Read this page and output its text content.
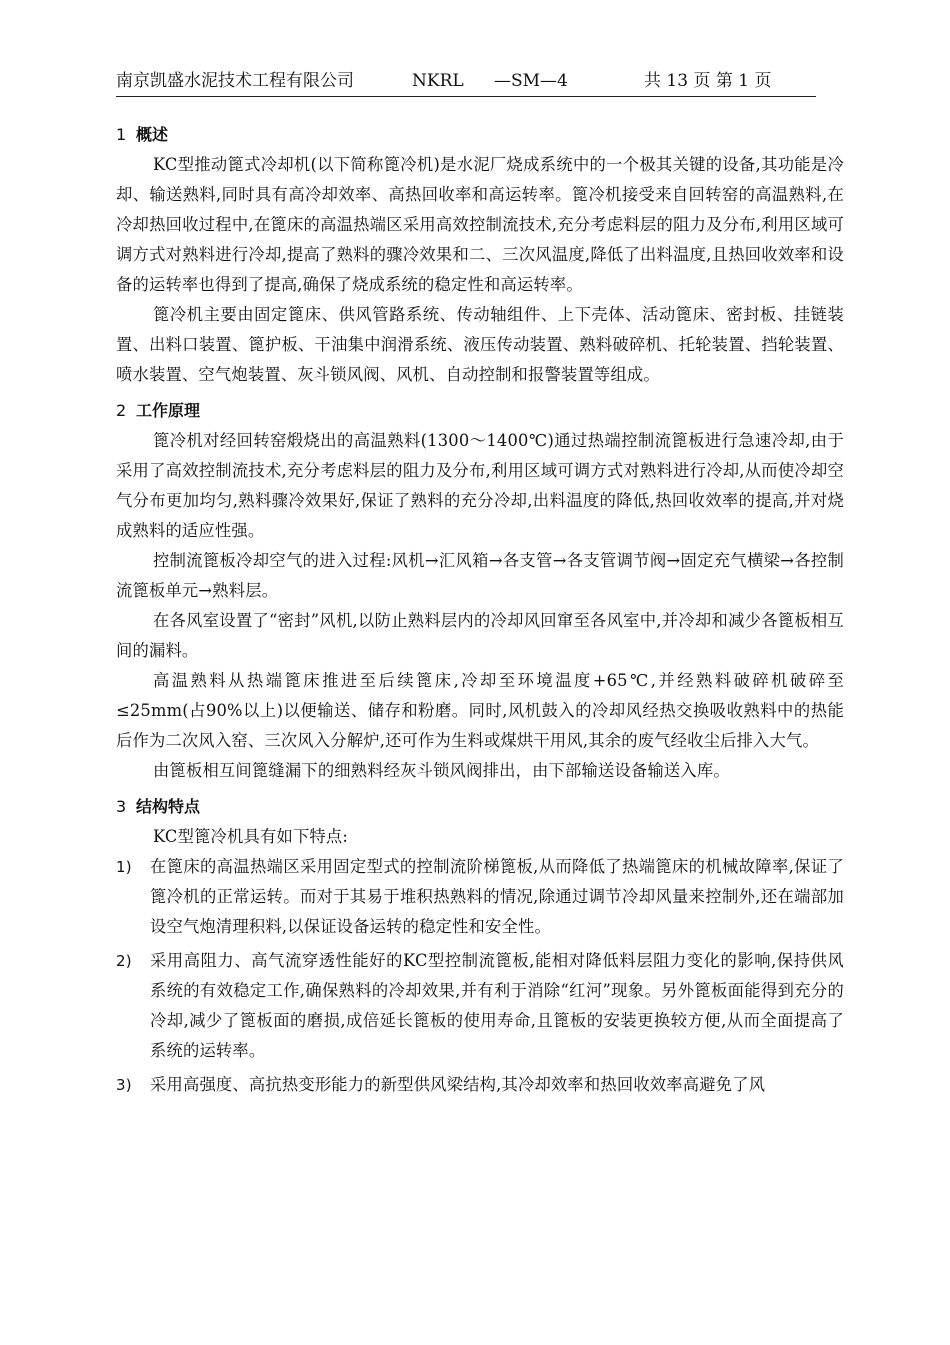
南京凯盛水泥技术工程有限公司	NKRL —SM—4	共 13 页 第 1 页
1 概述

KC型推动篦式冷却机(以下简称篦冷机)是水泥厂烧成系统中的一个极其关键的设备,其功能是冷却、输送熟料,同时具有高冷却效率、高热回收率和高运转率。篦冷机接受来自回转窑的高温熟料,在冷却热回收过程中,在篦床的高温热端区采用高效控制流技术,充分考虑料层的阻力及分布,利用区域可调方式对熟料进行冷却,提高了熟料的骤冷效果和二、三次风温度,降低了出料温度,且热回收效率和设备的运转率也得到了提高,确保了烧成系统的稳定性和高运转率。

篦冷机主要由固定篦床、供风管路系统、传动轴组件、上下壳体、活动篦床、密封板、挂链装置、出料口装置、篦护板、干油集中润滑系统、液压传动装置、熟料破碎机、托轮装置、挡轮装置、喷水装置、空气炮装置、灰斗锁风阀、风机、自动控制和报警装置等组成。

2 工作原理

篦冷机对经回转窑煅烧出的高温熟料(1300～1400℃)通过热端控制流篦板进行急速冷却,由于采用了高效控制流技术,充分考虑料层的阻力及分布,利用区域可调方式对熟料进行冷却,从而使冷却空气分布更加均匀,熟料骤冷效果好,保证了熟料的充分冷却,出料温度的降低,热回收效率的提高,并对烧成熟料的适应性强。

控制流篦板冷却空气的进入过程:风机→汇风箱→各支管→各支管调节阀→固定充气横梁→各控制流篦板单元→熟料层。

在各风室设置了“密封”风机,以防止熟料层内的冷却风回窜至各风室中,并冷却和减少各篦板相互间的漏料。

高温熟料从热端篦床推进至后续篦床,冷却至环境温度+65℃,并经熟料破碎机破碎至≤25mm(占90%以上)以便输送、储存和粉磨。同时,风机鼓入的冷却风经热交换吸收熟料中的热能后作为二次风入窑、三次风入分解炉,还可作为生料或煤烘干用风,其余的废气经收尘后排入大气。

由篦板相互间篦缝漏下的细熟料经灰斗锁风阀排出，由下部输送设备输送入库。

3 结构特点

KC型篦冷机具有如下特点:

1) 在篦床的高温热端区采用固定型式的控制流阶梯篦板,从而降低了热端篦床的机械故障率,保证了篦冷机的正常运转。而对于其易于堆积热熟料的情况,除通过调节冷却风量来控制外,还在端部加设空气炮清理积料,以保证设备运转的稳定性和安全性。
2) 采用高阻力、高气流穿透性能好的KC型控制流篦板,能相对降低料层阻力变化的影响,保持供风系统的有效稳定工作,确保熟料的冷却效果,并有利于消除“红河”现象。另外篦板面能得到充分的冷却,减少了篦板面的磨损,成倍延长篦板的使用寿命,且篦板的安装更换较方便,从而全面提高了系统的运转率。
3) 采用高强度、高抗热变形能力的新型供风梁结构,其冷却效率和热回收效率高避免了风
